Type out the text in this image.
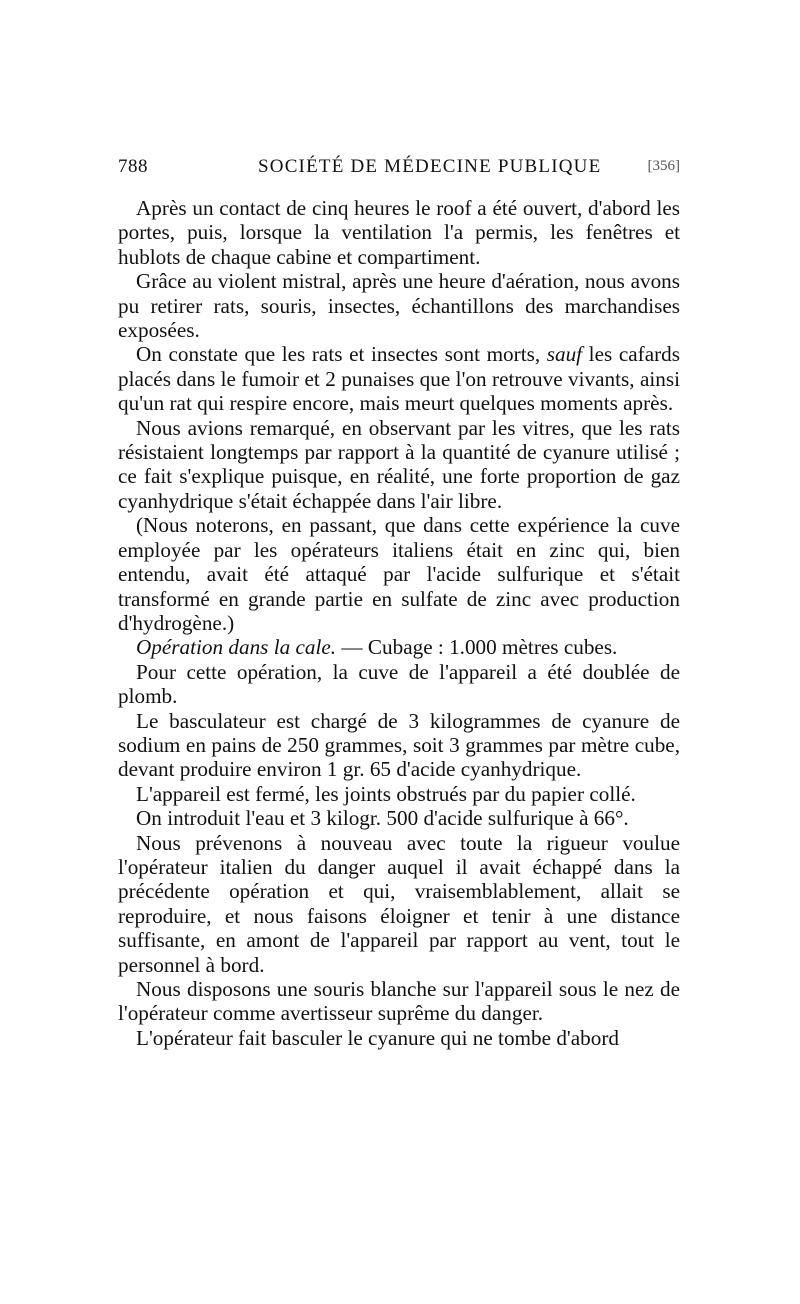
788	SOCIÉTÉ DE MÉDECINE PUBLIQUE	[356]

Après un contact de cinq heures le roof a été ouvert, d'abord les portes, puis, lorsque la ventilation l'a permis, les fenêtres et hublots de chaque cabine et compartiment.

Grâce au violent mistral, après une heure d'aération, nous avons pu retirer rats, souris, insectes, échantillons des marchandises exposées.

On constate que les rats et insectes sont morts, sauf les cafards placés dans le fumoir et 2 punaises que l'on retrouve vivants, ainsi qu'un rat qui respire encore, mais meurt quelques moments après.

Nous avions remarqué, en observant par les vitres, que les rats résistaient longtemps par rapport à la quantité de cyanure utilisé ; ce fait s'explique puisque, en réalité, une forte proportion de gaz cyanhydrique s'était échappée dans l'air libre.

(Nous noterons, en passant, que dans cette expérience la cuve employée par les opérateurs italiens était en zinc qui, bien entendu, avait été attaqué par l'acide sulfurique et s'était transformé en grande partie en sulfate de zinc avec production d'hydrogène.)

Opération dans la cale. — Cubage : 1.000 mètres cubes.

Pour cette opération, la cuve de l'appareil a été doublée de plomb.

Le basculateur est chargé de 3 kilogrammes de cyanure de sodium en pains de 250 grammes, soit 3 grammes par mètre cube, devant produire environ 1 gr. 65 d'acide cyanhydrique.

L'appareil est fermé, les joints obstrués par du papier collé.

On introduit l'eau et 3 kilogr. 500 d'acide sulfurique à 66°.

Nous prévenons à nouveau avec toute la rigueur voulue l'opérateur italien du danger auquel il avait échappé dans la précédente opération et qui, vraisemblablement, allait se reproduire, et nous faisons éloigner et tenir à une distance suffisante, en amont de l'appareil par rapport au vent, tout le personnel à bord.

Nous disposons une souris blanche sur l'appareil sous le nez de l'opérateur comme avertisseur suprême du danger.

L'opérateur fait basculer le cyanure qui ne tombe d'abord
